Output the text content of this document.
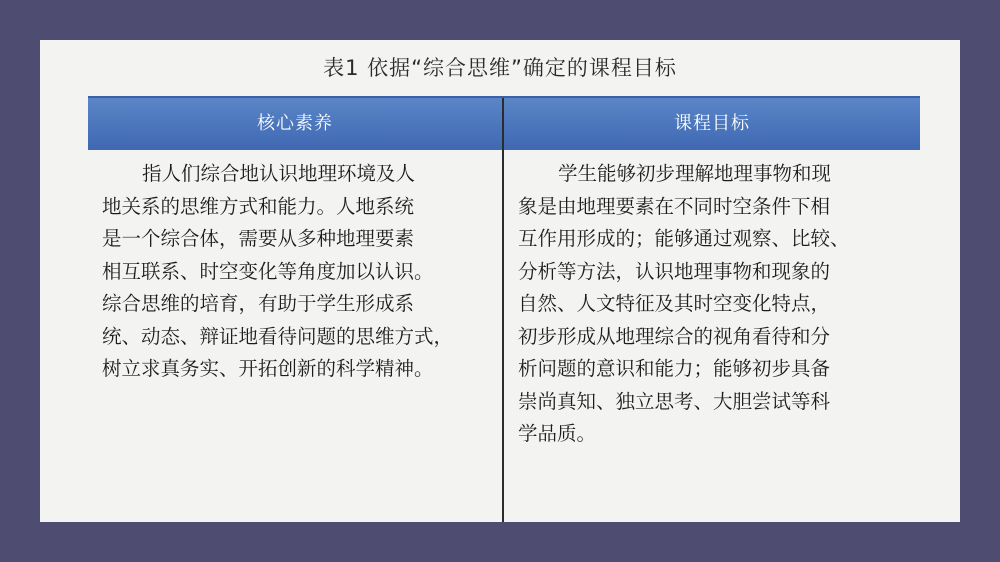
表1 依据“综合思维”确定的课程目标
核心素养	课程目标
指人们综合地认识地理环境及人
地关系的思维方式和能力。人地系统
是一个综合体，需要从多种地理要素
相互联系、时空变化等角度加以认识。
综合思维的培育，有助于学生形成系
统、动态、辩证地看待问题的思维方式，
树立求真务实、开拓创新的科学精神。
学生能够初步理解地理事物和现
象是由地理要素在不同时空条件下相
互作用形成的；能够通过观察、比较、
分析等方法，认识地理事物和现象的
自然、人文特征及其时空变化特点，
初步形成从地理综合的视角看待和分
析问题的意识和能力；能够初步具备
崇尚真知、独立思考、大胆尝试等科
学品质。
